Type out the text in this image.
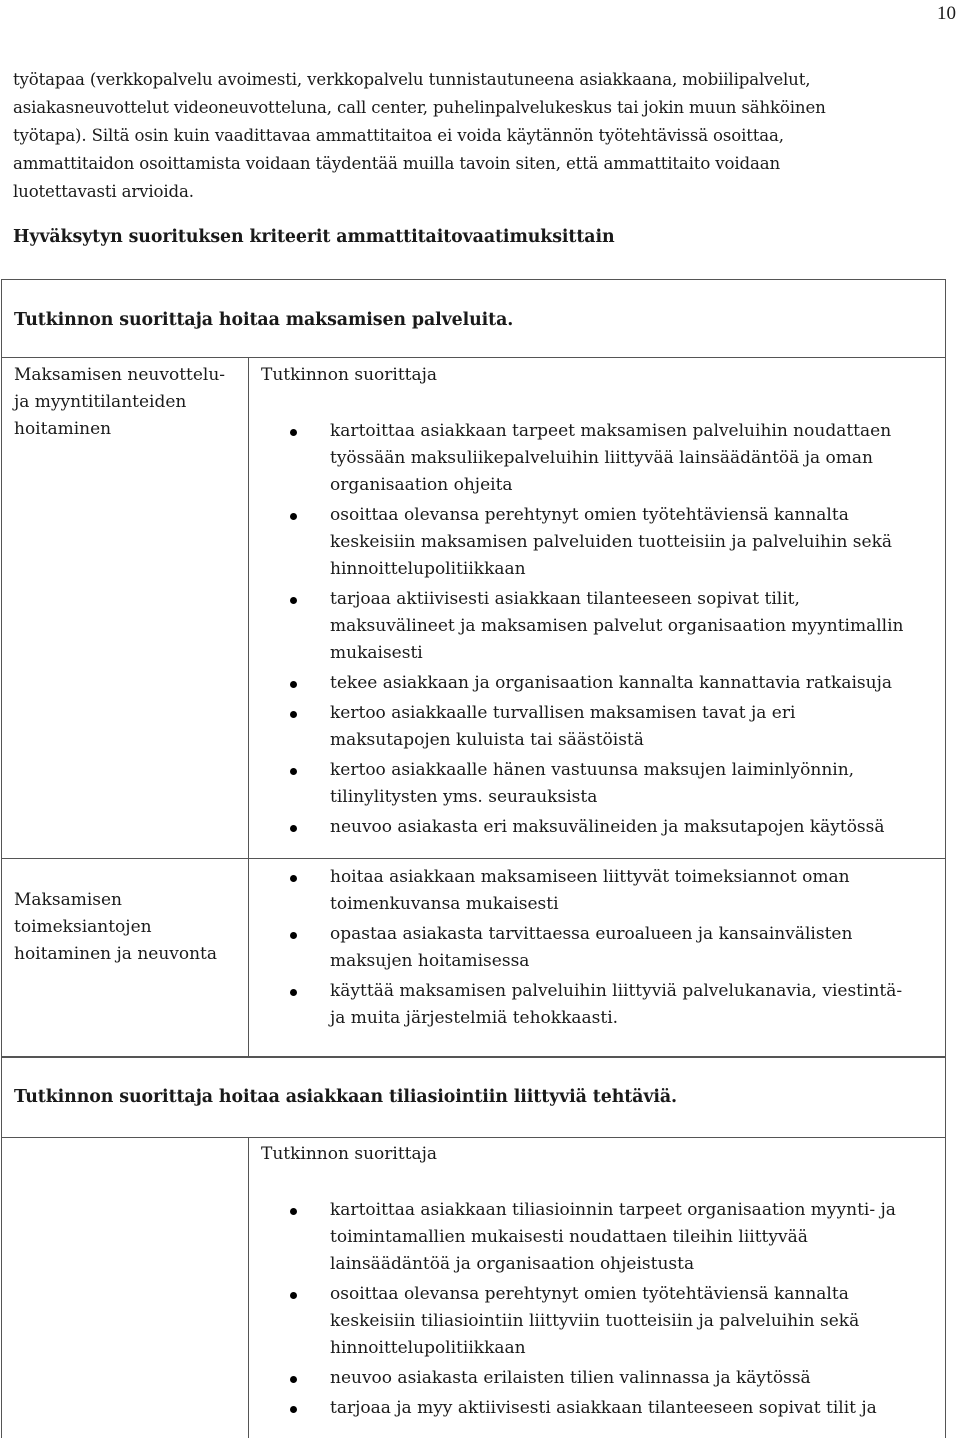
10
työtapaa (verkkopalvelu avoimesti, verkkopalvelu tunnistautuneena asiakkaana, mobiilipalvelut,
asiakasneuvottelut videoneuvotteluna, call center, puhelinpalvelukeskus tai jokin muun sähköinen
työtapa). Siltä osin kuin vaadittavaa ammattitaitoa ei voida käytännön työtehtävissä osoittaa,
ammattitaidon osoittamista voidaan täydentää muilla tavoin siten, että ammattitaito voidaan
luotettavasti arvioida.
Hyväksytyn suorituksen kriteerit ammattitaitovaatimuksittain
Tutkinnon suorittaja hoitaa maksamisen palveluita.
Maksamisen neuvottelu-
ja myyntitilanteiden
hoitaminen
Tutkinnon suorittaja
kartoittaa asiakkaan tarpeet maksamisen palveluihin noudattaen
työssään maksuliikepalveluihin liittyvää lainsäädäntöä ja oman
organisaation ohjeita
osoittaa olevansa perehtynyt omien työtehtäviensä kannalta
keskeisiin maksamisen palveluiden tuotteisiin ja palveluihin sekä
hinnoittelupolitiikkaan
tarjoaa aktiivisesti asiakkaan tilanteeseen sopivat tilit,
maksuvälineet ja maksamisen palvelut organisaation myyntimallin
mukaisesti
tekee asiakkaan ja organisaation kannalta kannattavia ratkaisuja
kertoo asiakkaalle turvallisen maksamisen tavat ja eri
maksutapojen kuluista tai säästöistä
kertoo asiakkaalle hänen vastuunsa maksujen laiminlyönnin,
tilinylitysten yms. seurauksista
neuvoo asiakasta eri maksuvälineiden ja maksutapojen käytössä
Maksamisen
toimeksiantojen
hoitaminen ja neuvonta
hoitaa asiakkaan maksamiseen liittyvät toimeksiannot oman
toimenkuvansa mukaisesti
opastaa asiakasta tarvittaessa euroalueen ja kansainvälisten
maksujen hoitamisessa
käyttää maksamisen palveluihin liittyviä palvelukanavia, viestintä-
ja muita järjestelmiä tehokkaasti.
Tutkinnon suorittaja hoitaa asiakkaan tiliasiointiin liittyviä tehtäviä.
Tutkinnon suorittaja
kartoittaa asiakkaan tiliasioinnin tarpeet organisaation myynti- ja
toimintamallien mukaisesti noudattaen tileihin liittyvää
lainsäädäntöä ja organisaation ohjeistusta
osoittaa olevansa perehtynyt omien työtehtäviensä kannalta
keskeisiin tiliasiointiin liittyviin tuotteisiin ja palveluihin sekä
hinnoittelupolitiikkaan
neuvoo asiakasta erilaisten tilien valinnassa ja käytössä
tarjoaa ja myy aktiivisesti asiakkaan tilanteeseen sopivat tilit ja
